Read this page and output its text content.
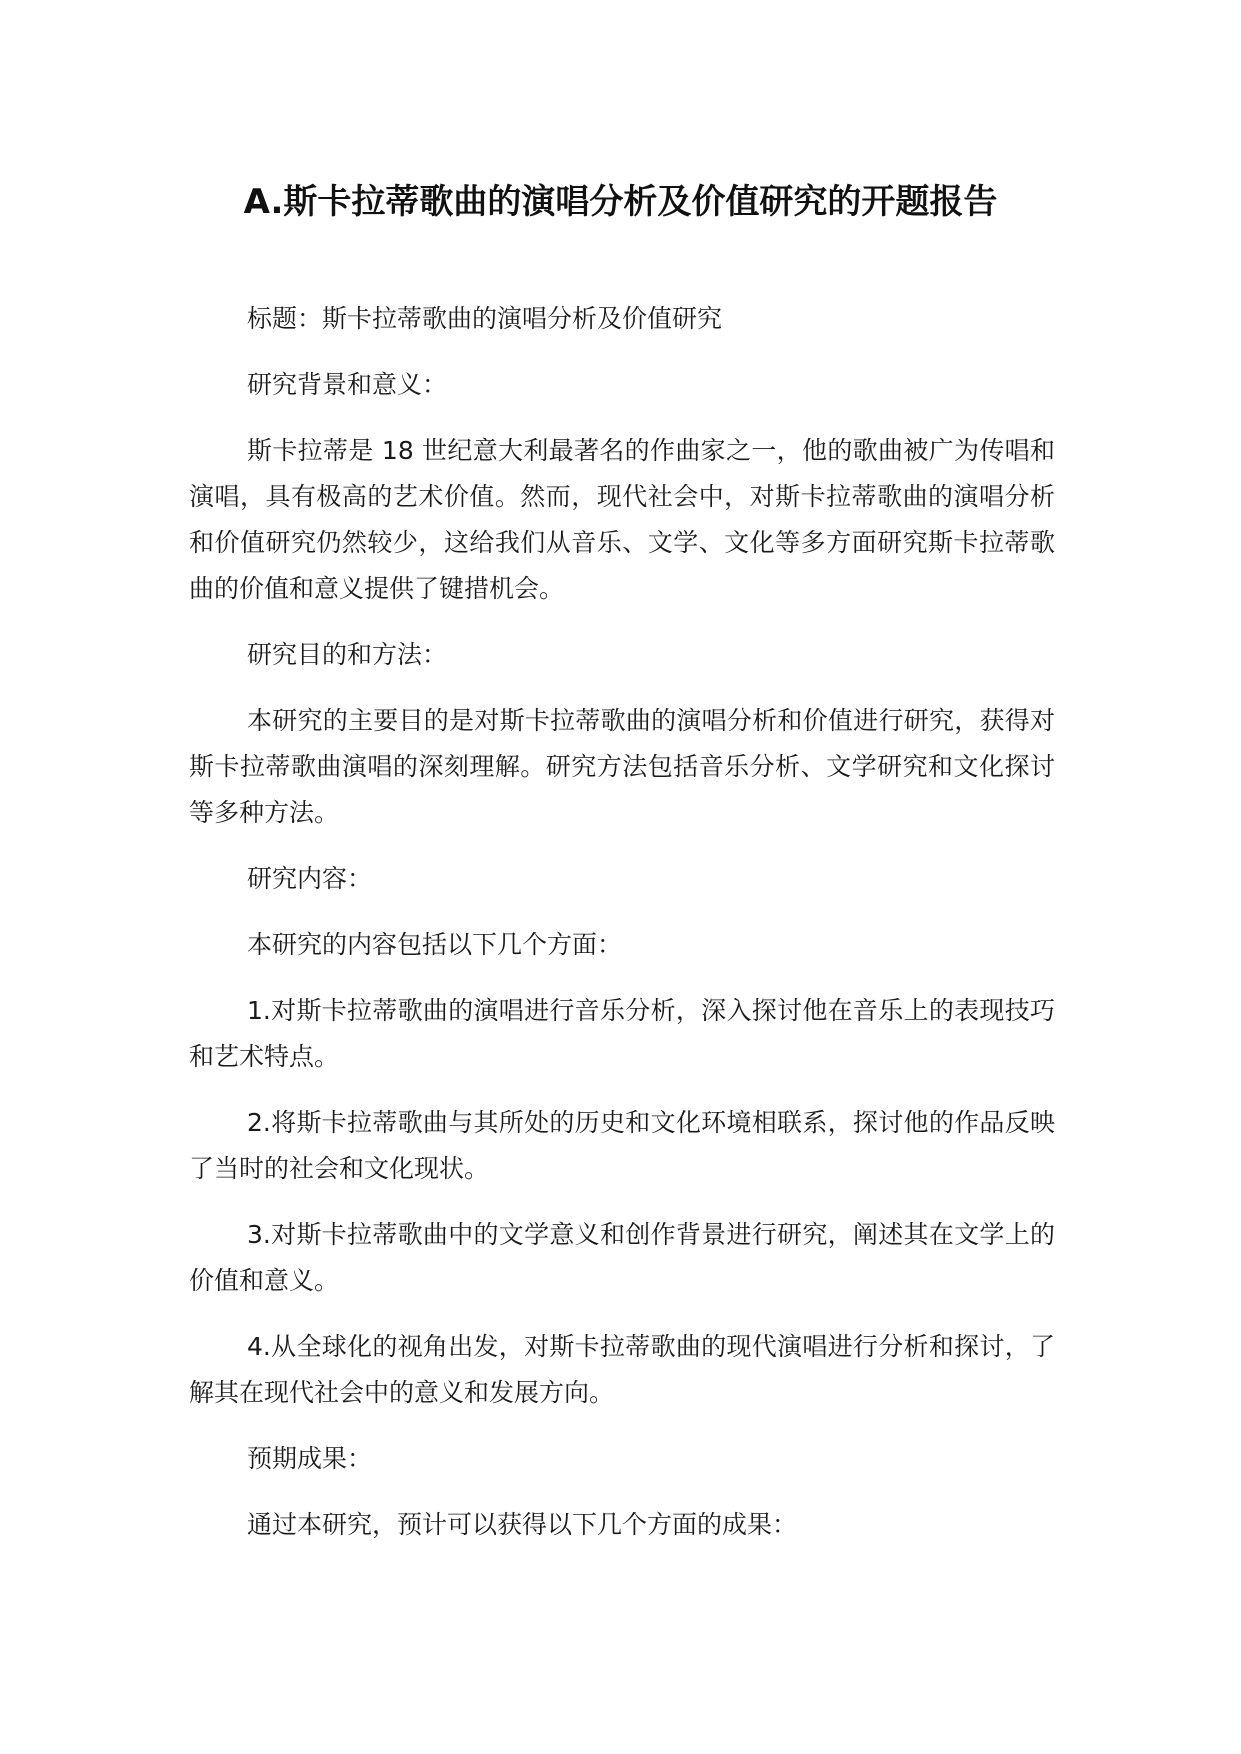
A.斯卡拉蒂歌曲的演唱分析及价值研究的开题报告

标题：斯卡拉蒂歌曲的演唱分析及价值研究

研究背景和意义：

斯卡拉蒂是 18 世纪意大利最著名的作曲家之一，他的歌曲被广为传唱和演唱，具有极高的艺术价值。然而，现代社会中，对斯卡拉蒂歌曲的演唱分析和价值研究仍然较少，这给我们从音乐、文学、文化等多方面研究斯卡拉蒂歌曲的价值和意义提供了键措机会。

研究目的和方法：

本研究的主要目的是对斯卡拉蒂歌曲的演唱分析和价值进行研究，获得对斯卡拉蒂歌曲演唱的深刻理解。研究方法包括音乐分析、文学研究和文化探讨等多种方法。

研究内容：

本研究的内容包括以下几个方面：

1.对斯卡拉蒂歌曲的演唱进行音乐分析，深入探讨他在音乐上的表现技巧和艺术特点。

2.将斯卡拉蒂歌曲与其所处的历史和文化环境相联系，探讨他的作品反映了当时的社会和文化现状。

3.对斯卡拉蒂歌曲中的文学意义和创作背景进行研究，阐述其在文学上的价值和意义。

4.从全球化的视角出发，对斯卡拉蒂歌曲的现代演唱进行分析和探讨，了解其在现代社会中的意义和发展方向。

预期成果：

通过本研究，预计可以获得以下几个方面的成果：
